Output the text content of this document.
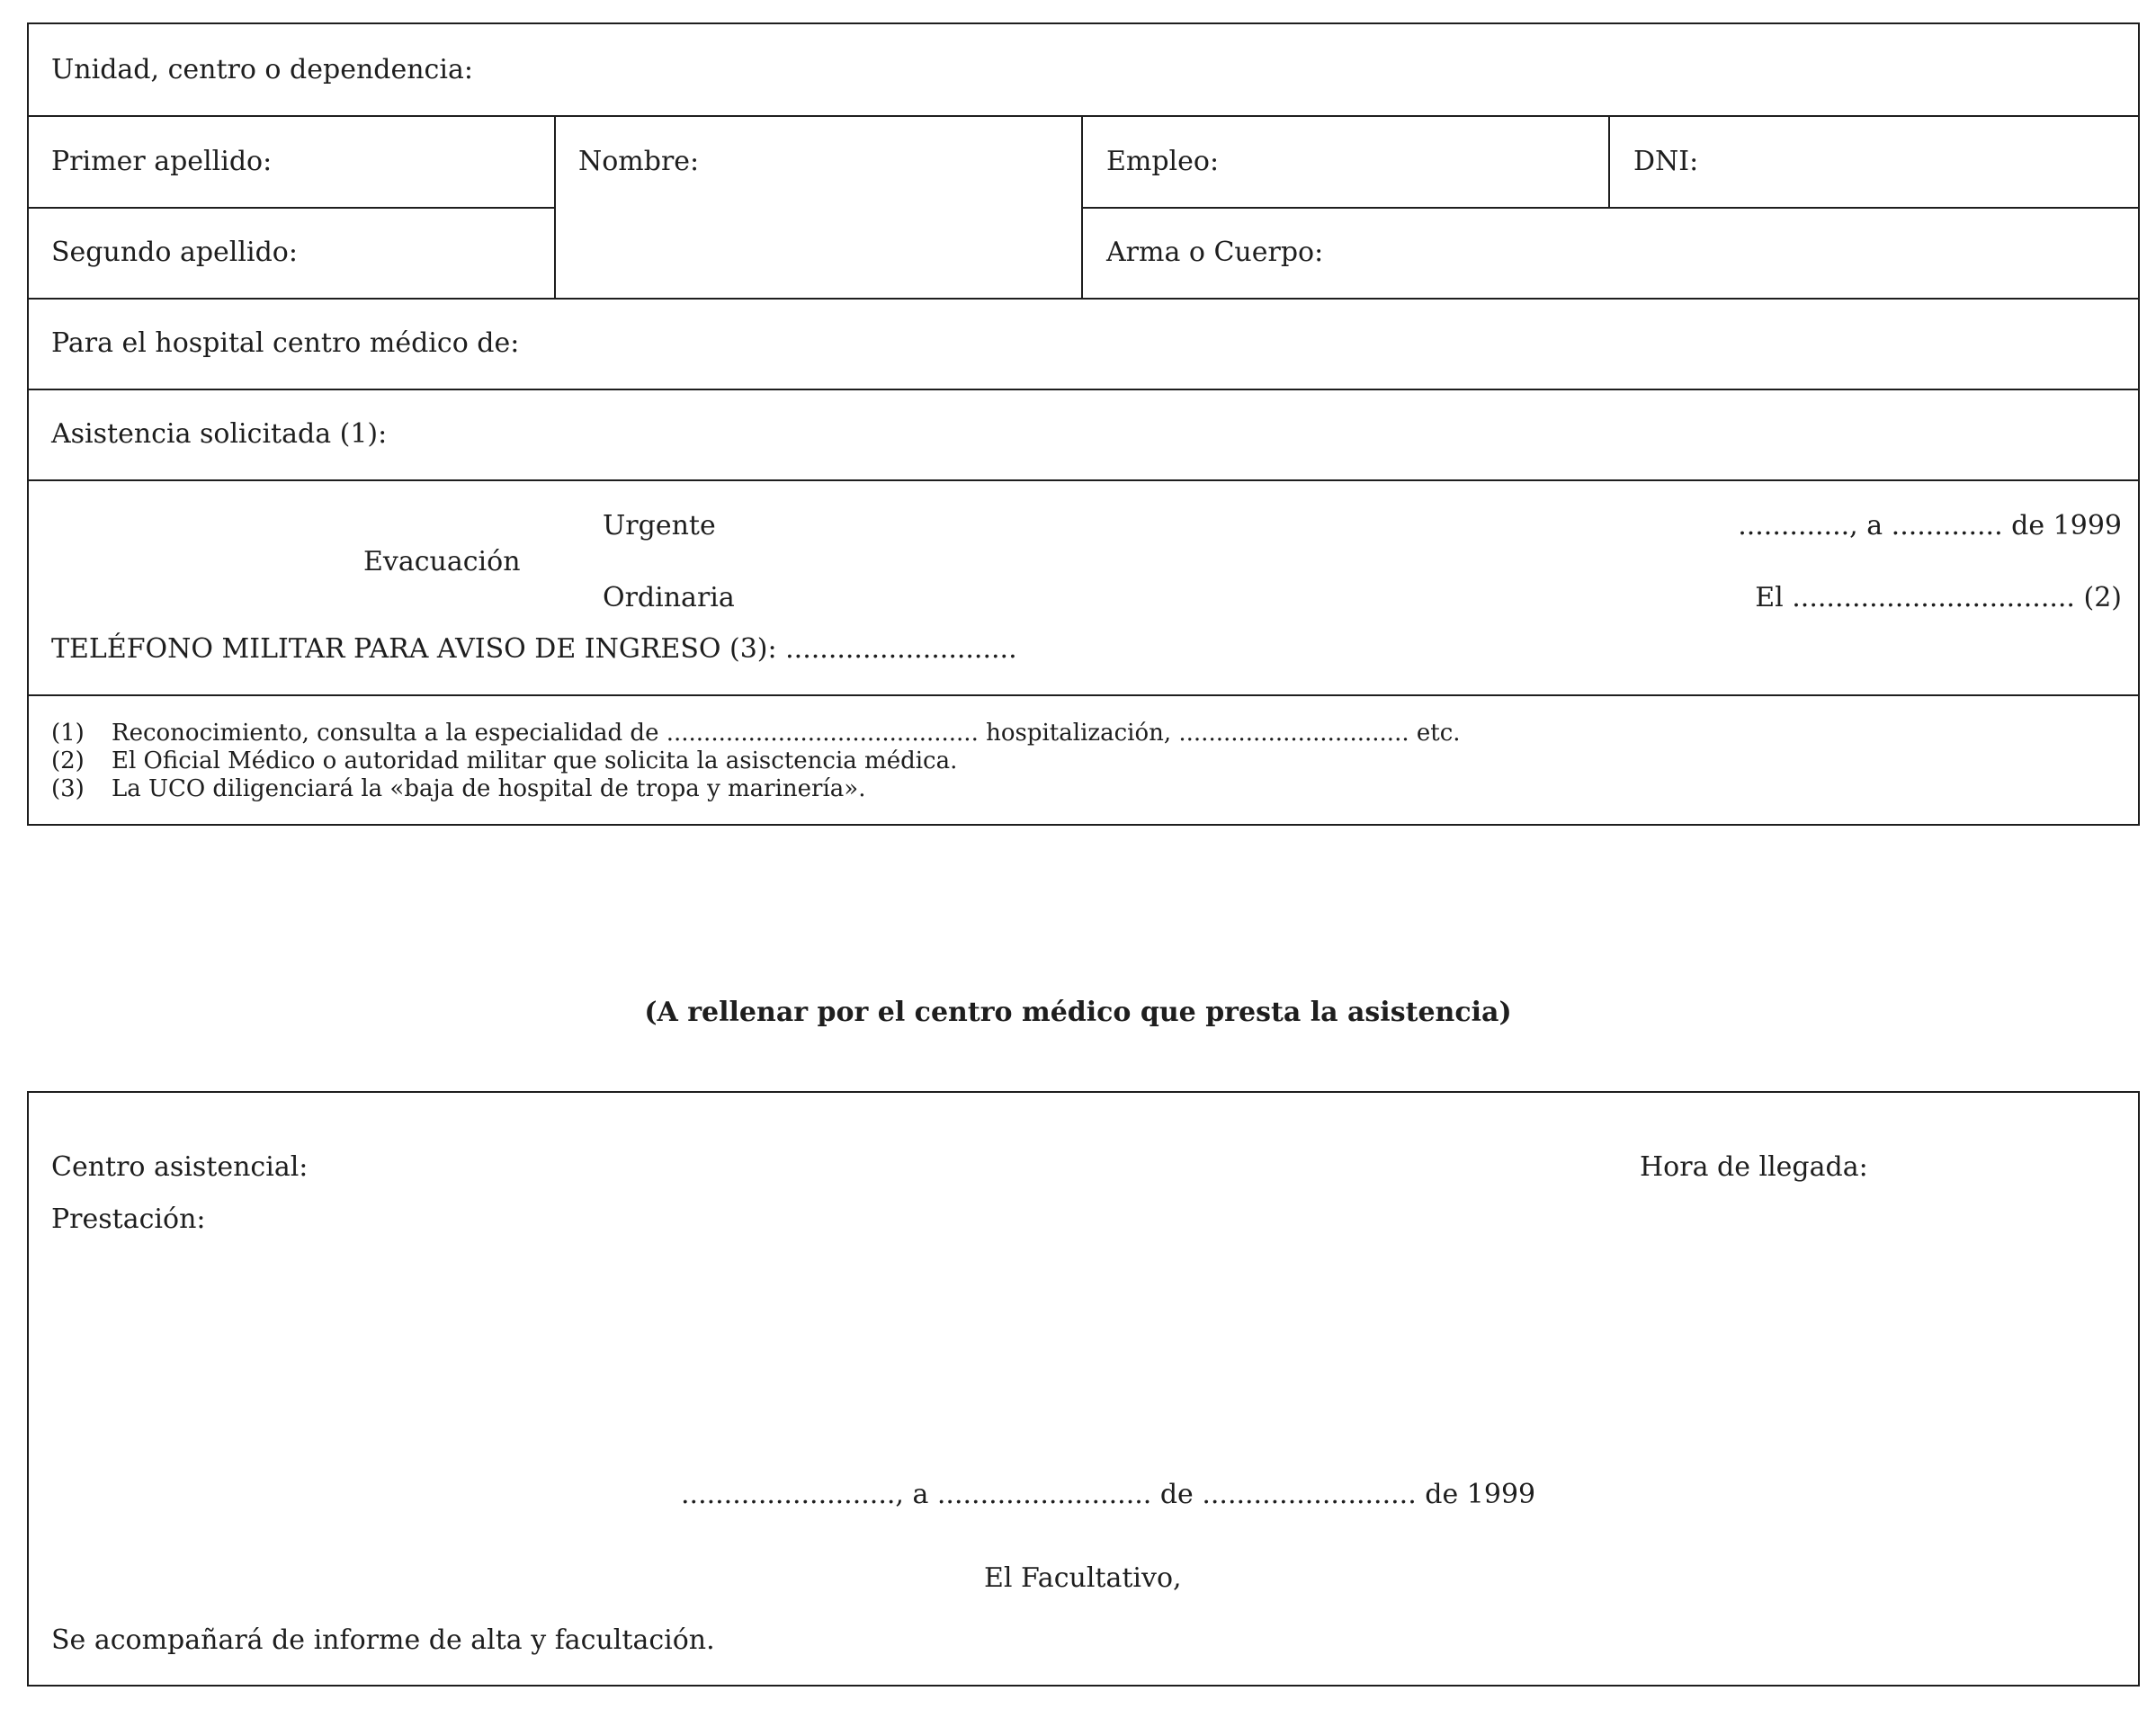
Unidad, centro o dependencia:
Primer apellido:	Nombre:	Empleo:	DNI:
Segundo apellido:	Arma o Cuerpo:
Para el hospital centro médico de:
Asistencia solicitada (1):
Urgente
Evacuación
Ordinaria
............., a ............. de 1999
El ................................. (2)
TELÉFONO MILITAR PARA AVISO DE INGRESO (3): ...........................
(1) Reconocimiento, consulta a la especialidad de .......................................... hospitalización, ............................... etc.
(2) El Oficial Médico o autoridad militar que solicita la asisctencia médica.
(3) La UCO diligenciará la «baja de hospital de tropa y marinería».
(A rellenar por el centro médico que presta la asistencia)
Centro asistencial:	Hora de llegada:
Prestación:
........................., a ......................... de ......................... de 1999
El Facultativo,
Se acompañará de informe de alta y facultación.
